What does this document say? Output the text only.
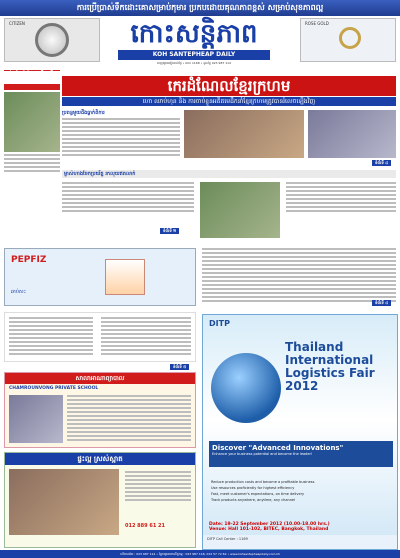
ការប្រើប្រាស់ទឹកដោះគោសម្រាប់កុមារ ប្រកបដោយគុណភាពខ្ពស់ សម្រាប់សុខភាពល្អ
CITIZEN	កោះសន្តិភាព
KOH SANTEPHEAP DAILY
ចេញផ្សាយរៀងរាល់ថ្ងៃ • លេខ 1168 • ទូរស័ព្ទ 023 987 114
ROSE GOLD
ថាប់ សុំង យ៉ៃមេមេរឿងល្បីរដ្ឋ V-71	កេរដំណែលខ្មែរក្រហម
ហោ ឈាប់ហុន និង ការចាប់ខ្លួនអតីតមេដឹកនាំខ្មែរក្រហមត្រូវបានរំលេចឡើងវិញ
ប្រពន្ធមួយដឹងធ្លាក់ពិការ
ទំព័រទី ៤
ម្ចាស់ហាងចែកប្រយ័ត្ន រកលុយឥតលាក់
ទំព័រទី ២
PEPFIZ
ឆាប់សះ
ទំព័រទី ៤
ទំព័រទី ៥
សាលាអាណាព្យាបាល
CHAMROUNVONG PRIVATE SCHOOL
ផ្ទះល្អ ស្រស់ស្អាត
012 889 61 21
DITP
Thailand International Logistics Fair 2012
Discover "Advanced Innovations"
Enhance your business potential and become the leader!
Reduce production costs and become a profitable business
Use resources proficiently for highest efficiency
Fast, meet customer's expectations, on time delivery
Track products anywhere, anytime, any channel
Date: 19-22 September 2012 (10.00-18.00 hrs.)
Venue: Hall 101-102, BITEC, Bangkok, Thailand
DITP Call Center : 1169
ការិយាល័យ : 023 987 114 • ផ្នែកផ្សាយពាណិជ្ជកម្ម : 023 987 118, 012 57 72 62 • www.kohsantepheapdaily.com.kh
